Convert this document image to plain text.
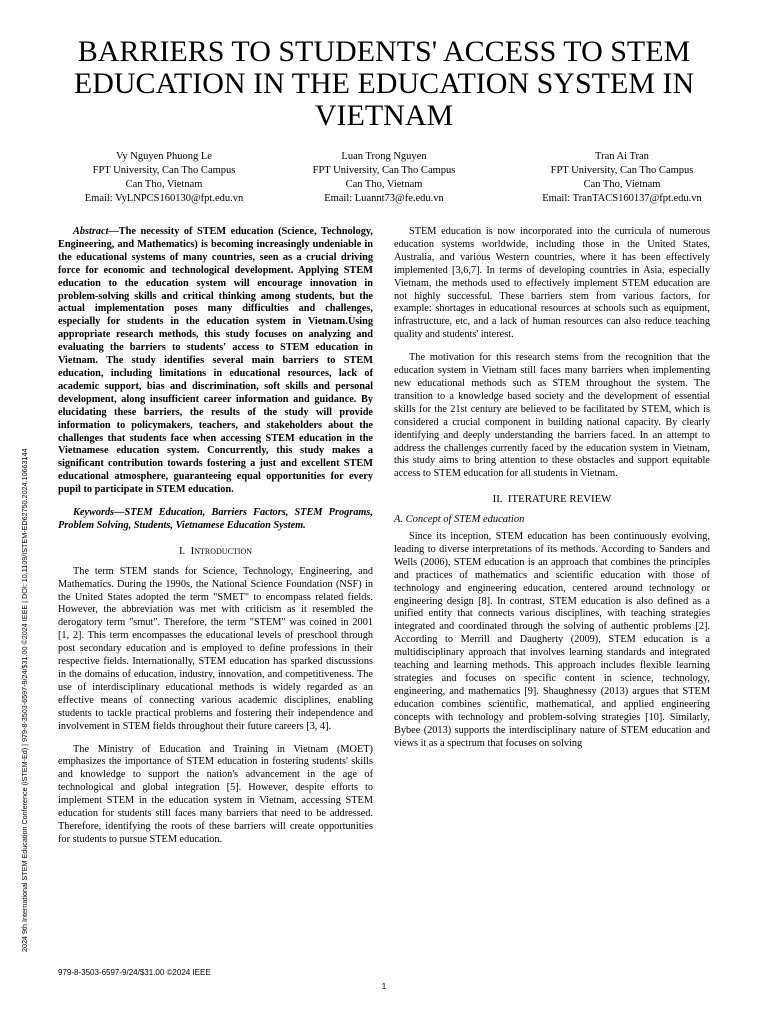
2024 9th International STEM Education Conference (iSTEM-Ed) | 979-8-3503-6597-9/24/$31.00 ©2024 IEEE | DOI: 10.1109/ISTEM-ED62750.2024.10663144
BARRIERS TO STUDENTS' ACCESS TO STEM EDUCATION IN THE EDUCATION SYSTEM IN VIETNAM
Vy Nguyen Phuong Le
FPT University, Can Tho Campus
Can Tho, Vietnam
Email: VyLNPCS160130@fpt.edu.vn
Luan Trong Nguyen
FPT University, Can Tho Campus
Can Tho, Vietnam
Email: Luannt73@fe.edu.vn
Tran Ai Tran
FPT University, Can Tho Campus
Can Tho, Vietnam
Email: TranTACS160137@fpt.edu.vn

Abstract—The necessity of STEM education (Science, Technology, Engineering, and Mathematics) is becoming increasingly undeniable in the educational systems of many countries, seen as a crucial driving force for economic and technological development. Applying STEM education to the education system will encourage innovation in problem-solving skills and critical thinking among students, but the actual implementation poses many difficulties and challenges, especially for students in the education system in Vietnam.Using appropriate research methods, this study focuses on analyzing and evaluating the barriers to students' access to STEM education in Vietnam. The study identifies several main barriers to STEM education, including limitations in educational resources, lack of academic support, bias and discrimination, soft skills and personal development, along insufficient career information and guidance. By elucidating these barriers, the results of the study will provide information to policymakers, teachers, and stakeholders about the challenges that students face when accessing STEM education in the Vietnamese education system. Concurrently, this study makes a significant contribution towards fostering a just and excellent STEM educational atmosphere, guaranteeing equal opportunities for every pupil to participate in STEM education.

Keywords—STEM Education, Barriers Factors, STEM Programs, Problem Solving, Students, Vietnamese Education System.

I. Introduction

The term STEM stands for Science, Technology, Engineering, and Mathematics. During the 1990s, the National Science Foundation (NSF) in the United States adopted the term "SMET" to encompass related fields. However, the abbreviation was met with criticism as it resembled the derogatory term "smut". Therefore, the term "STEM" was coined in 2001 [1, 2]. This term encompasses the educational levels of preschool through post secondary education and is employed to define professions in their respective fields. Internationally, STEM education has sparked discussions in the domains of education, industry, innovation, and competitiveness. The use of interdisciplinary educational methods is widely regarded as an effective means of connecting various academic disciplines, enabling students to tackle practical problems and fostering their independence and involvement in STEM fields throughout their future careers [3, 4].

The Ministry of Education and Training in Vietnam (MOET) emphasizes the importance of STEM education in fostering students' skills and knowledge to support the nation's advancement in the age of technological and global integration [5]. However, despite efforts to implement STEM in the education system in Vietnam, accessing STEM education for students still faces many barriers that need to be addressed. Therefore, identifying the roots of these barriers will create opportunities for students to pursue STEM education.

STEM education is now incorporated into the curricula of numerous education systems worldwide, including those in the United States, Australia, and various Western countries, where it has been effectively implemented [3,6,7]. In terms of developing countries in Asia, especially Vietnam, the methods used to effectively implement STEM education are not highly successful. These barriers stem from various factors, for example: shortages in educational resources at schools such as equipment, infrastructure, etc, and a lack of human resources can also reduce teaching quality and students' interest.

The motivation for this research stems from the recognition that the education system in Vietnam still faces many barriers when implementing new educational methods such as STEM throughout the system. The transition to a knowledge based society and the development of essential skills for the 21st century are believed to be facilitated by STEM, which is considered a crucial component in building national capacity. By clearly identifying and deeply understanding the barriers faced. In an attempt to address the challenges currently faced by the education system in Vietnam, this study aims to bring attention to these obstacles and support equitable access to STEM education for all students in Vietnam.

II. ITERATURE REVIEW
A. Concept of STEM education

Since its inception, STEM education has been continuously evolving, leading to diverse interpretations of its methods. According to Sanders and Wells (2006), STEM education is an approach that combines the principles and practices of mathematics and scientific education with those of technology and engineering education, centered around technology or engineering design [8]. In contrast, STEM education is also defined as a unified entity that connects various disciplines, with teaching strategies integrated and coordinated through the solving of authentic problems [2]. According to Merrill and Daugherty (2009), STEM education is a multidisciplinary approach that involves learning standards and integrated teaching and learning methods. This approach includes flexible learning strategies and focuses on specific content in science, technology, engineering, and mathematics [9]. Shaughnessy (2013) argues that STEM education combines scientific, mathematical, and applied engineering concepts with technology and problem-solving strategies [10]. Similarly, Bybee (2013) supports the interdisciplinary nature of STEM education and views it as a spectrum that focuses on solving

979-8-3503-6597-9/24/$31.00 ©2024 IEEE
1
